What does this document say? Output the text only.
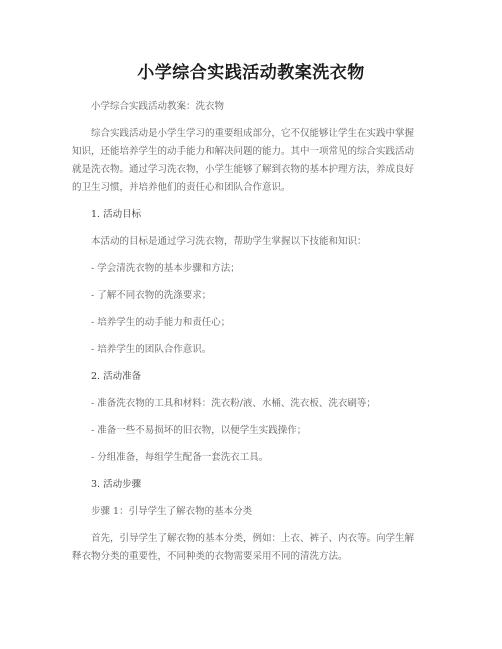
小学综合实践活动教案洗衣物
小学综合实践活动教案：洗衣物
综合实践活动是小学生学习的重要组成部分，它不仅能够让学生在实践中掌握
知识，还能培养学生的动手能力和解决问题的能力。其中一项常见的综合实践活动
就是洗衣物。通过学习洗衣物，小学生能够了解到衣物的基本护理方法，养成良好
的卫生习惯，并培养他们的责任心和团队合作意识。
1. 活动目标
本活动的目标是通过学习洗衣物，帮助学生掌握以下技能和知识：
- 学会清洗衣物的基本步骤和方法；
- 了解不同衣物的洗涤要求；
- 培养学生的动手能力和责任心；
- 培养学生的团队合作意识。
2. 活动准备
- 准备洗衣物的工具和材料：洗衣粉/液、水桶、洗衣板、洗衣刷等；
- 准备一些不易损坏的旧衣物，以便学生实践操作；
- 分组准备，每组学生配备一套洗衣工具。
3. 活动步骤
步骤 1：引导学生了解衣物的基本分类
首先，引导学生了解衣物的基本分类，例如：上衣、裤子、内衣等。向学生解
释衣物分类的重要性，不同种类的衣物需要采用不同的清洗方法。
